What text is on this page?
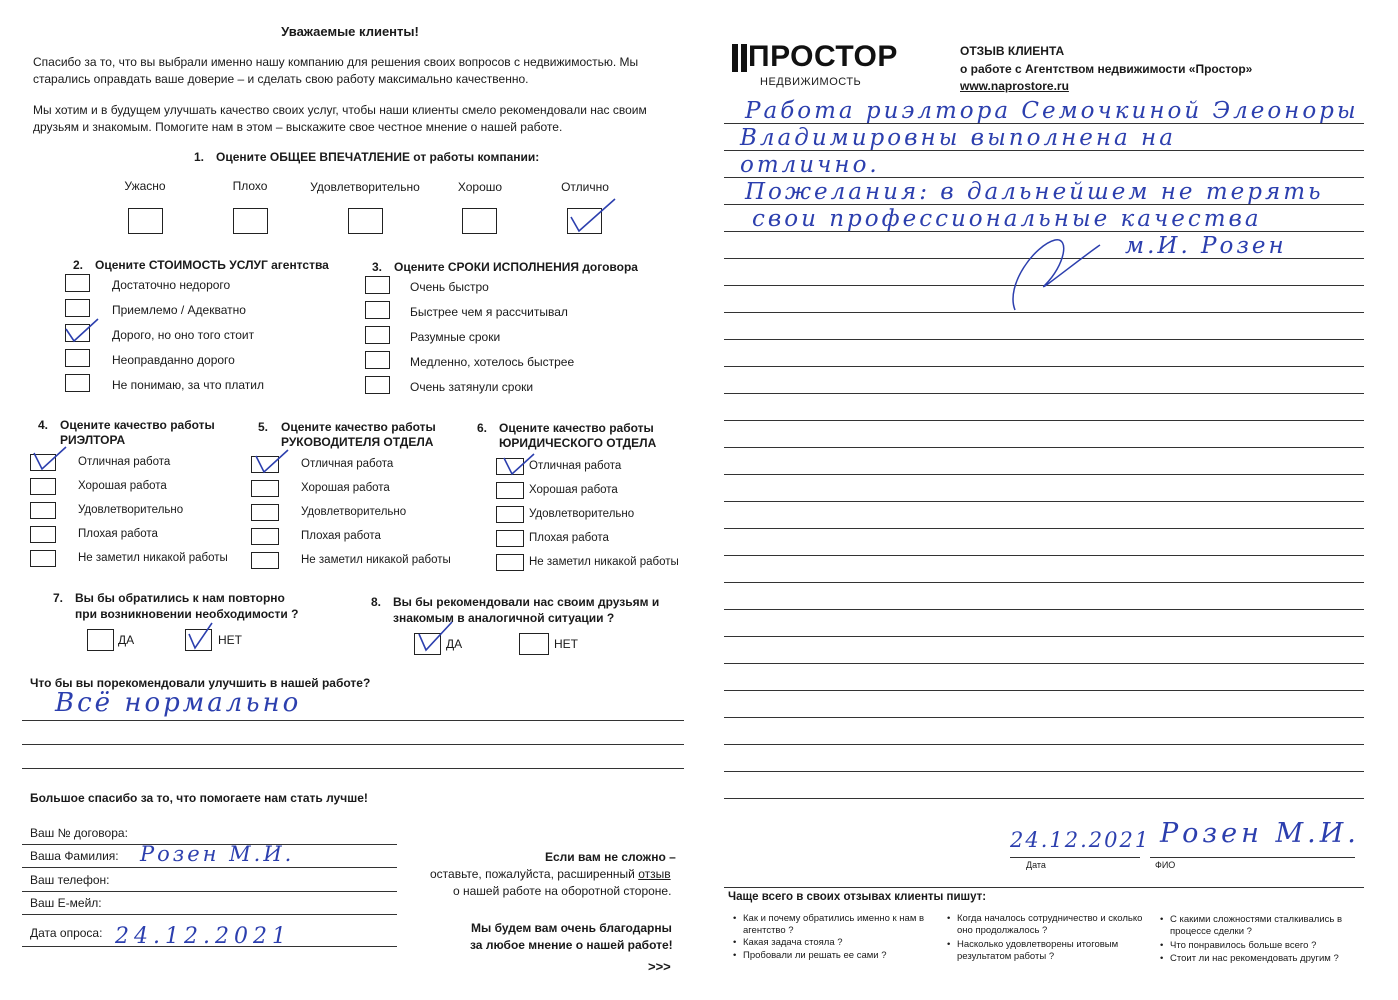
Уважаемые клиенты!
Спасибо за то, что вы выбрали именно нашу компанию для решения своих вопросов с недвижимостью. Мы старались оправдать ваше доверие – и сделать свою работу максимально качественно.
Мы хотим и в будущем улучшать качество своих услуг, чтобы наши клиенты смело рекомендовали нас своим друзьям и знакомым. Помогите нам в этом – выскажите свое честное мнение о нашей работе.
1. Оцените ОБЩЕЕ ВПЕЧАТЛЕНИЕ от работы компании:
Ужасно	Плохо	Удовлетворительно	Хорошо	Отлично
2. Оцените СТОИМОСТЬ УСЛУГ агентства
Достаточно недорого
Приемлемо / Адекватно
Дорого, но оно того стоит
Неоправданно дорого
Не понимаю, за что платил
3. Оцените СРОКИ ИСПОЛНЕНИЯ договора
Очень быстро
Быстрее чем я рассчитывал
Разумные сроки
Медленно, хотелось быстрее
Очень затянули сроки
4. Оцените качество работы
РИЭЛТОРА
Отличная работа
Хорошая работа
Удовлетворительно
Плохая работа
Не заметил никакой работы
5. Оцените качество работы
РУКОВОДИТЕЛЯ ОТДЕЛА
Отличная работа
Хорошая работа
Удовлетворительно
Плохая работа
Не заметил никакой работы
6. Оцените качество работы
ЮРИДИЧЕСКОГО ОТДЕЛА
Отличная работа
Хорошая работа
Удовлетворительно
Плохая работа
Не заметил никакой работы
7. Вы бы обратились к нам повторно
при возникновении необходимости ?
ДА	НЕТ
8. Вы бы рекомендовали нас своим друзьям и
знакомым в аналогичной ситуации ?
ДА	НЕТ
Что бы вы порекомендовали улучшить в нашей работе?
Всё нормально
Большое спасибо за то, что помогаете нам стать лучше!
Ваш № договора:
Ваша Фамилия: Розен М.И.
Ваш телефон:
Ваш Е-мейл:
Дата опроса: 24.12.2021
Если вам не сложно –
оставьте, пожалуйста, расширенный отзыв
о нашей работе на оборотной стороне.
Мы будем вам очень благодарны
за любое мнение о нашей работе!
>>>
ПРОСТОР
НЕДВИЖИМОСТЬ
ОТЗЫВ КЛИЕНТА
о работе с Агентством недвижимости «Простор»
www.naprostore.ru
Работа риэлтора Семочкиной Элеоноры
Владимировны выполнена на
отлично.
Пожелания: в дальнейшем не терять
свои профессиональные качества
м.И. Розен
24.12.2021
Дата
Розен М.И.
ФИО
Чаще всего в своих отзывах клиенты пишут:
• Как и почему обратились именно к нам в агентство ?
• Какая задача стояла ?
• Пробовали ли решать ее сами ?
• Когда началось сотрудничество и сколько оно продолжалось ?
• Насколько удовлетворены итоговым результатом работы ?
• С какими сложностями сталкивались в процессе сделки ?
• Что понравилось больше всего ?
• Стоит ли нас рекомендовать другим ?
